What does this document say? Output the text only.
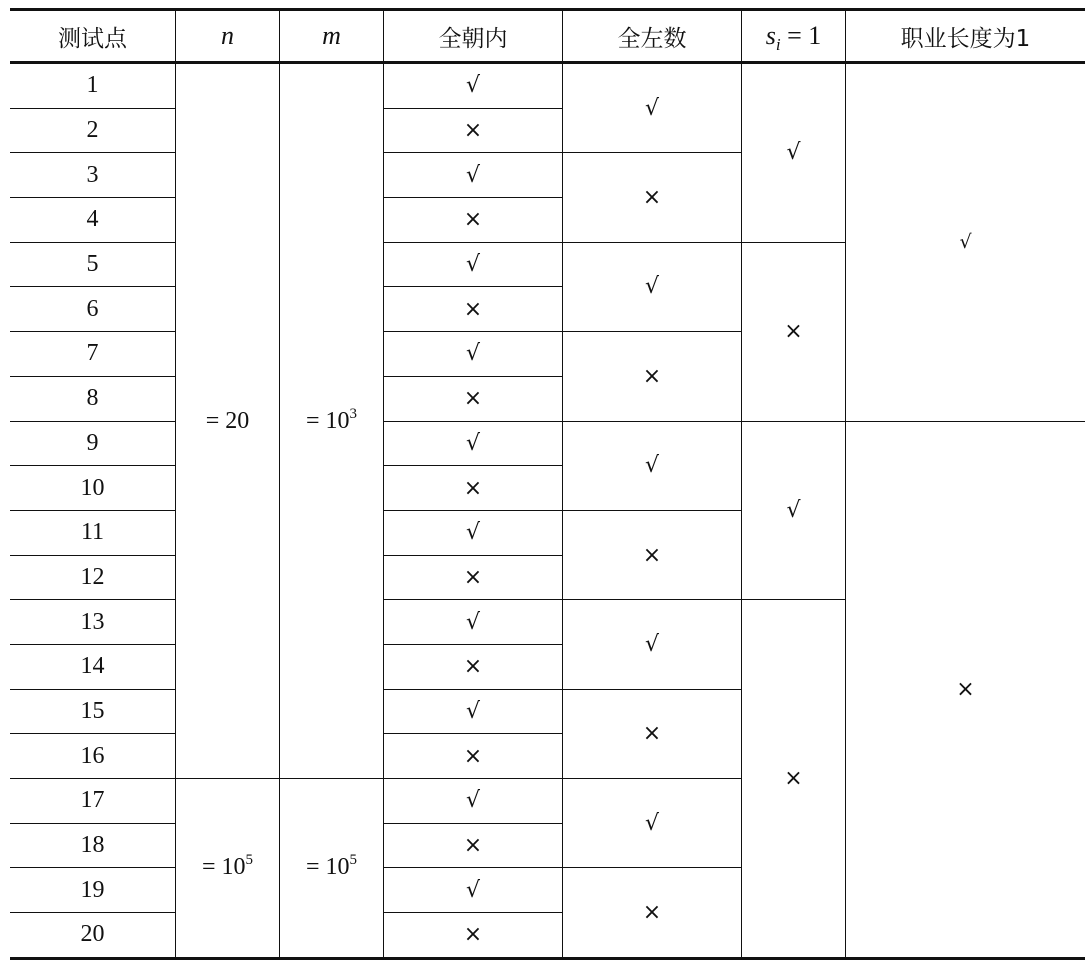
测试点	n	m	全朝内	全左数	$s_i = 1$	职业长度为1
1	= 20	= $10^3$	√	√	√	√
2			×			
3			√	×		
4			×			
5			√	√	×	
6			×			
7			√	×		
8			×			
9			√	√	√	×
10			×			
11			√	×		
12			×			
13			√	√	×	
14			×			
15			√	×		
16			×			
17	= $10^5$	= $10^5$	√	√		
18			×			
19			√	×		
20			×			
